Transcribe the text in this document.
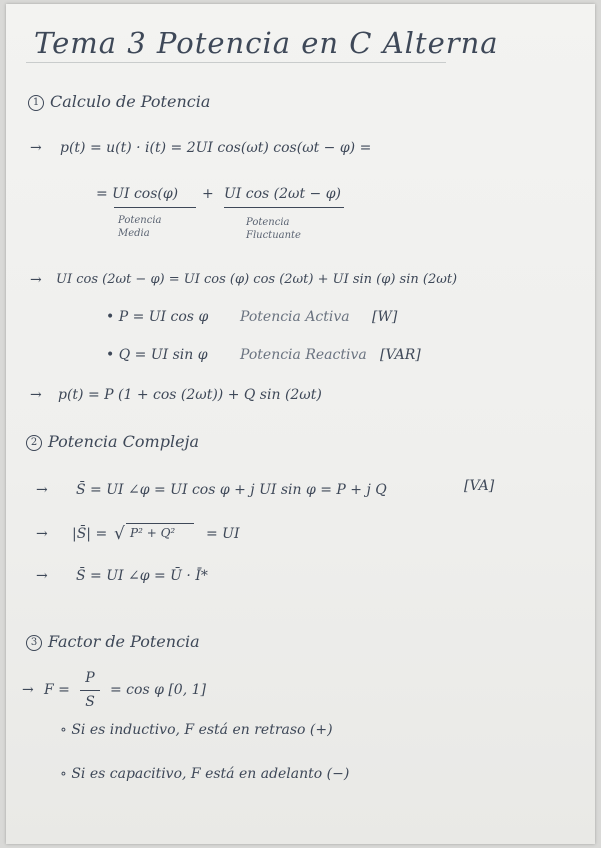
Tema 3 Potencia en C Alterna
1 Calculo de Potencia
→ p(t) = u(t) · i(t) = 2UI cos(ωt) cos(ωt − φ) =
= UI cos(φ) + UI cos (2ωt − φ)
Potencia Media
Potencia Fluctuante
→ UI cos (2ωt − φ) = UI cos (φ) cos (2ωt) + UI sin (φ) sin (2ωt)
• P = UI cos φ Potencia Activa [W]
• Q = UI sin φ Potencia Reactiva [VAR]
→ p(t) = P (1 + cos (2ωt)) + Q sin (2ωt)
2 Potencia Compleja
→ S̄ = UI ∠φ = UI cos φ + j UI sin φ = P + j Q	[VA]
→ |S̄| = √ P² + Q² = UI
→ S̄ = UI ∠φ = Ū · Ī*
3 Factor de Potencia
→ F =
P
S
= cos φ [0, 1]
∘ Si es inductivo, F está en retraso (+)
∘ Si es capacitivo, F está en adelanto (−)
